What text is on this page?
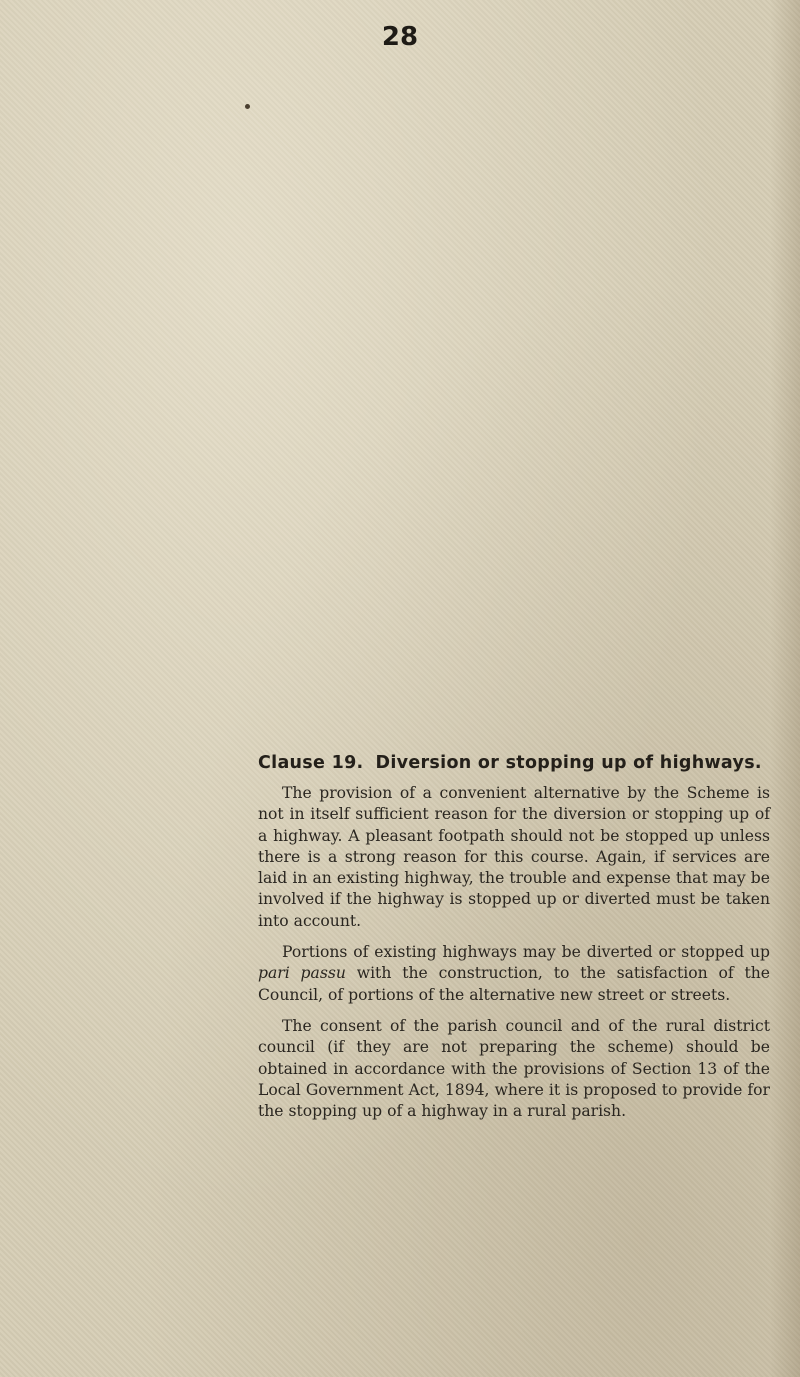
28
Clause 19. Diversion or stopping up of highways.

The provision of a convenient alternative by the Scheme is not in itself sufficient reason for the diversion or stopping up of a highway. A pleasant footpath should not be stopped up unless there is a strong reason for this course. Again, if services are laid in an existing highway, the trouble and expense that may be involved if the highway is stopped up or diverted must be taken into account.

Portions of existing highways may be diverted or stopped up pari passu with the construction, to the satisfaction of the Council, of portions of the alternative new street or streets.

The consent of the parish council and of the rural district council (if they are not preparing the scheme) should be obtained in accordance with the provisions of Section 13 of the Local Government Act, 1894, where it is proposed to provide for the stopping up of a highway in a rural parish.
